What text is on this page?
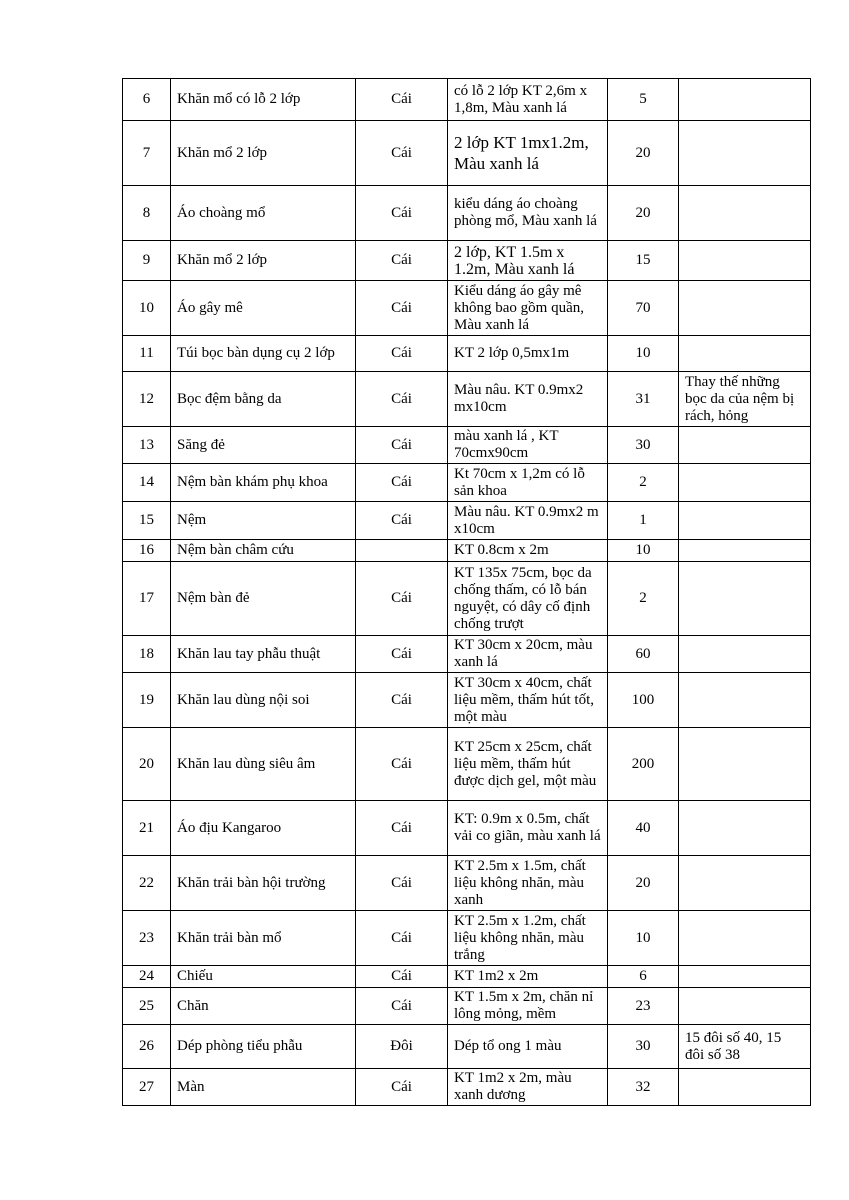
6	Khăn mổ có lỗ 2 lớp	Cái	có lỗ 2 lớp KT 2,6m x 1,8m, Màu xanh lá	5	
7	Khăn mổ 2 lớp	Cái	2 lớp KT 1mx1.2m, Màu xanh lá	20	
8	Áo choàng mổ	Cái	kiểu dáng áo choàng phòng mổ, Màu xanh lá	20	
9	Khăn mổ 2 lớp	Cái	2 lớp, KT 1.5m x 1.2m, Màu xanh lá	15	
10	Áo gây mê	Cái	Kiểu dáng áo gây mê không bao gồm quần, Màu xanh lá	70	
11	Túi bọc bàn dụng cụ 2 lớp	Cái	KT 2 lớp 0,5mx1m	10	
12	Bọc đệm bằng da	Cái	Màu nâu. KT 0.9mx2 mx10cm	31	Thay thế những bọc da của nệm bị rách, hỏng
13	Săng đẻ	Cái	màu xanh lá , KT 70cmx90cm	30	
14	Nệm bàn khám phụ khoa	Cái	Kt 70cm x 1,2m có lỗ sản khoa	2	
15	Nệm	Cái	Màu nâu. KT 0.9mx2 m x10cm	1	
16	Nệm bàn châm cứu		KT 0.8cm x 2m	10	
17	Nệm bàn đẻ	Cái	KT 135x 75cm, bọc da chống thấm, có lỗ bán nguyệt, có dây cố định chống trượt	2	
18	Khăn lau tay phẫu thuật	Cái	KT 30cm x 20cm, màu xanh lá	60	
19	Khăn lau dùng nội soi	Cái	KT 30cm x 40cm, chất liệu mềm, thấm hút tốt, một màu	100	
20	Khăn lau dùng siêu âm	Cái	KT 25cm x 25cm, chất liệu mềm, thấm hút được dịch gel, một màu	200	
21	Áo địu Kangaroo	Cái	KT: 0.9m x 0.5m, chất vải co giãn, màu xanh lá	40	
22	Khăn trải bàn hội trường	Cái	KT 2.5m x 1.5m, chất liệu không nhăn, màu xanh	20	
23	Khăn trải bàn mổ	Cái	KT 2.5m x 1.2m, chất liệu không nhăn, màu trắng	10	
24	Chiếu	Cái	KT 1m2 x 2m	6	
25	Chăn	Cái	KT 1.5m x 2m, chăn nỉ lông mỏng, mềm	23	
26	Dép phòng tiểu phẫu	Đôi	Dép tổ ong 1 màu	30	15 đôi số 40, 15 đôi số 38
27	Màn	Cái	KT 1m2 x 2m, màu xanh dương	32	
